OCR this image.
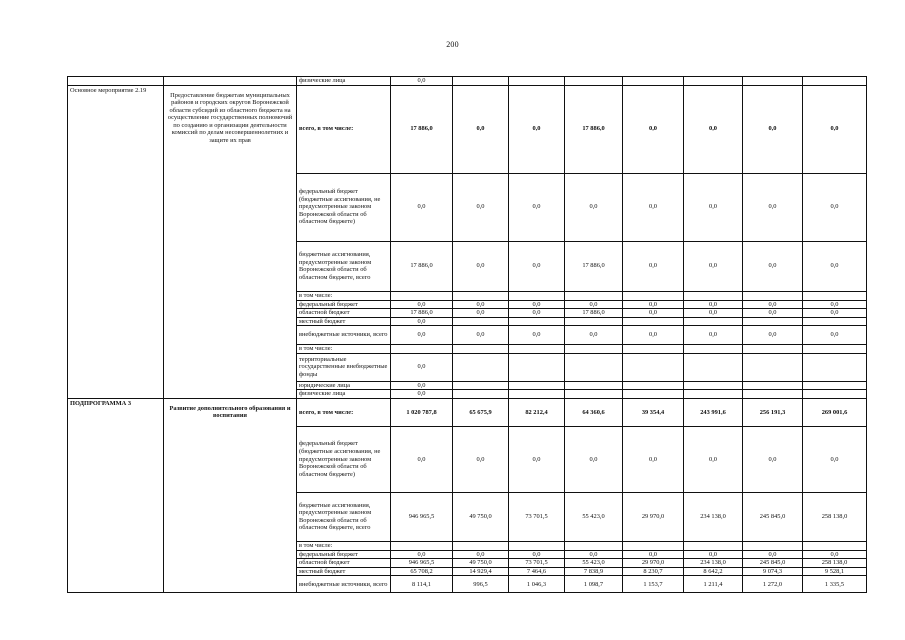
200
		физические лица	0,0							
Основное мероприятие 2.19	Предоставление бюджетам муниципальных районов и городских округов Воронежской области субсидий из областного бюджета на осуществление государственных полномочий по созданию и организации деятельности комиссий по делам несовершеннолетних и защите их прав	всего, в том числе:	17 886,0	0,0	0,0	17 886,0	0,0	0,0	0,0	0,0
		федеральный бюджет (бюджетные ассигнования, не предусмотренные законом Воронежской области об областном бюджете)	0,0	0,0	0,0	0,0	0,0	0,0	0,0	0,0
		бюджетные ассигнования, предусмотренные законом Воронежской области об областном бюджете, всего	17 886,0	0,0	0,0	17 886,0	0,0	0,0	0,0	0,0
		в том числе:								
		федеральный бюджет	0,0	0,0	0,0	0,0	0,0	0,0	0,0	0,0
		областной бюджет	17 886,0	0,0	0,0	17 886,0	0,0	0,0	0,0	0,0
		местный бюджет	0,0							
		внебюджетные источники, всего	0,0	0,0	0,0	0,0	0,0	0,0	0,0	0,0
		в том числе:								
		территориальные государственные внебюджетные фонды	0,0							
		юридические лица	0,0							
		физические лица	0,0							
ПОДПРОГРАММА 3	Развитие дополнительного образования и воспитания	всего, в том числе:	1 020 787,8	65 675,9	82 212,4	64 360,6	39 354,4	243 991,6	256 191,3	269 001,6
		федеральный бюджет (бюджетные ассигнования, не предусмотренные законом Воронежской области об областном бюджете)	0,0	0,0	0,0	0,0	0,0	0,0	0,0	0,0
		бюджетные ассигнования, предусмотренные законом Воронежской области об областном бюджете, всего	946 965,5	49 750,0	73 701,5	55 423,0	29 970,0	234 138,0	245 845,0	258 138,0
		в том числе:								
		федеральный бюджет	0,0	0,0	0,0	0,0	0,0	0,0	0,0	0,0
		областной бюджет	946 965,5	49 750,0	73 701,5	55 423,0	29 970,0	234 138,0	245 845,0	258 138,0
		местный бюджет	65 708,2	14 929,4	7 464,6	7 838,9	8 230,7	8 642,2	9 074,3	9 528,1
		внебюджетные источники, всего	8 114,1	996,5	1 046,3	1 098,7	1 153,7	1 211,4	1 272,0	1 335,5
